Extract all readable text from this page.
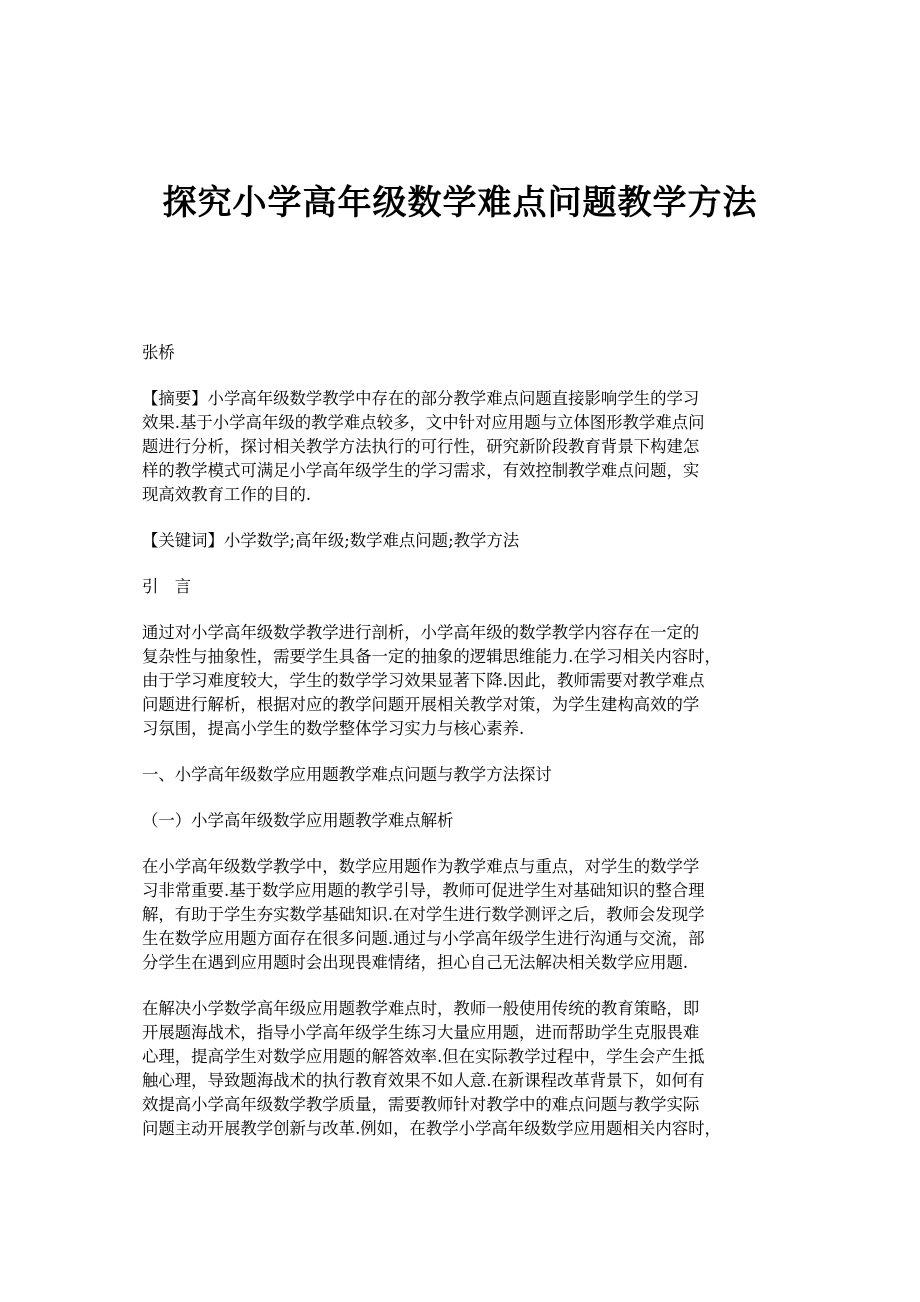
探究小学高年级数学难点问题教学方法

张桥

【摘要】小学高年级数学教学中存在的部分教学难点问题直接影响学生的学习
效果.基于小学高年级的教学难点较多，文中针对应用题与立体图形教学难点问
题进行分析，探讨相关教学方法执行的可行性，研究新阶段教育背景下构建怎
样的教学模式可满足小学高年级学生的学习需求，有效控制教学难点问题，实
现高效教育工作的目的.

【关键词】小学数学;高年级;数学难点问题;教学方法

引　言

通过对小学高年级数学教学进行剖析，小学高年级的数学教学内容存在一定的
复杂性与抽象性，需要学生具备一定的抽象的逻辑思维能力.在学习相关内容时，
由于学习难度较大，学生的数学学习效果显著下降.因此，教师需要对教学难点
问题进行解析，根据对应的教学问题开展相关教学对策，为学生建构高效的学
习氛围，提高小学生的数学整体学习实力与核心素养.

一、小学高年级数学应用题教学难点问题与教学方法探讨

（一）小学高年级数学应用题教学难点解析

在小学高年级数学教学中，数学应用题作为教学难点与重点，对学生的数学学
习非常重要.基于数学应用题的教学引导，教师可促进学生对基础知识的整合理
解，有助于学生夯实数学基础知识.在对学生进行数学测评之后，教师会发现学
生在数学应用题方面存在很多问题.通过与小学高年级学生进行沟通与交流，部
分学生在遇到应用题时会出现畏难情绪，担心自己无法解决相关数学应用题.

在解决小学数学高年级应用题教学难点时，教师一般使用传统的教育策略，即
开展题海战术，指导小学高年级学生练习大量应用题，进而帮助学生克服畏难
心理，提高学生对数学应用题的解答效率.但在实际教学过程中，学生会产生抵
触心理，导致题海战术的执行教育效果不如人意.在新课程改革背景下，如何有
效提高小学高年级数学教学质量，需要教师针对教学中的难点问题与教学实际
问题主动开展教学创新与改革.例如，在教学小学高年级数学应用题相关内容时，
